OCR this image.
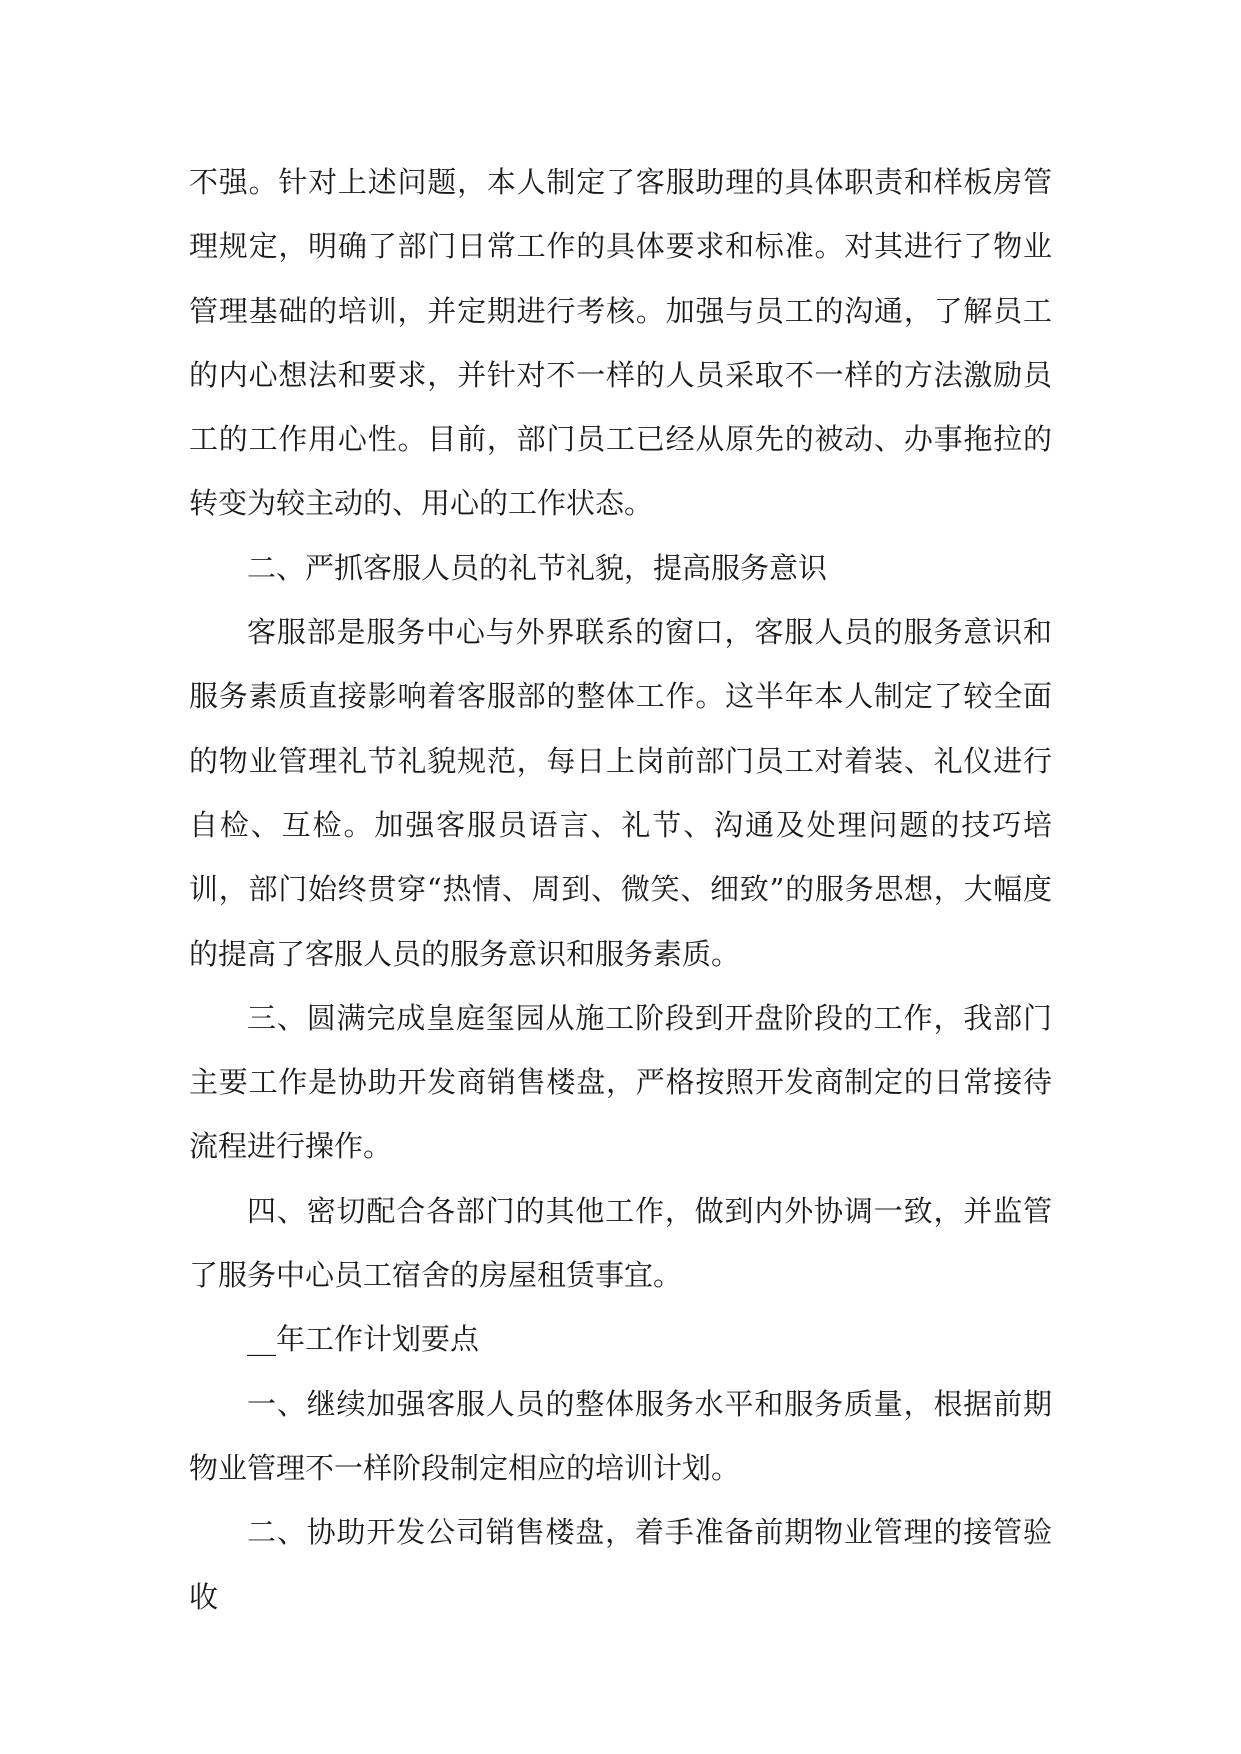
不强。针对上述问题，本人制定了客服助理的具体职责和样板房管理规定，明确了部门日常工作的具体要求和标准。对其进行了物业管理基础的培训，并定期进行考核。加强与员工的沟通，了解员工的内心想法和要求，并针对不一样的人员采取不一样的方法激励员工的工作用心性。目前，部门员工已经从原先的被动、办事拖拉的转变为较主动的、用心的工作状态。

二、严抓客服人员的礼节礼貌，提高服务意识

客服部是服务中心与外界联系的窗口，客服人员的服务意识和服务素质直接影响着客服部的整体工作。这半年本人制定了较全面的物业管理礼节礼貌规范，每日上岗前部门员工对着装、礼仪进行自检、互检。加强客服员语言、礼节、沟通及处理问题的技巧培训，部门始终贯穿“热情、周到、微笑、细致”的服务思想，大幅度的提高了客服人员的服务意识和服务素质。

三、圆满完成皇庭玺园从施工阶段到开盘阶段的工作，我部门主要工作是协助开发商销售楼盘，严格按照开发商制定的日常接待流程进行操作。

四、密切配合各部门的其他工作，做到内外协调一致，并监管了服务中心员工宿舍的房屋租赁事宜。

__年工作计划要点

一、继续加强客服人员的整体服务水平和服务质量，根据前期物业管理不一样阶段制定相应的培训计划。

二、协助开发公司销售楼盘，着手准备前期物业管理的接管验收
